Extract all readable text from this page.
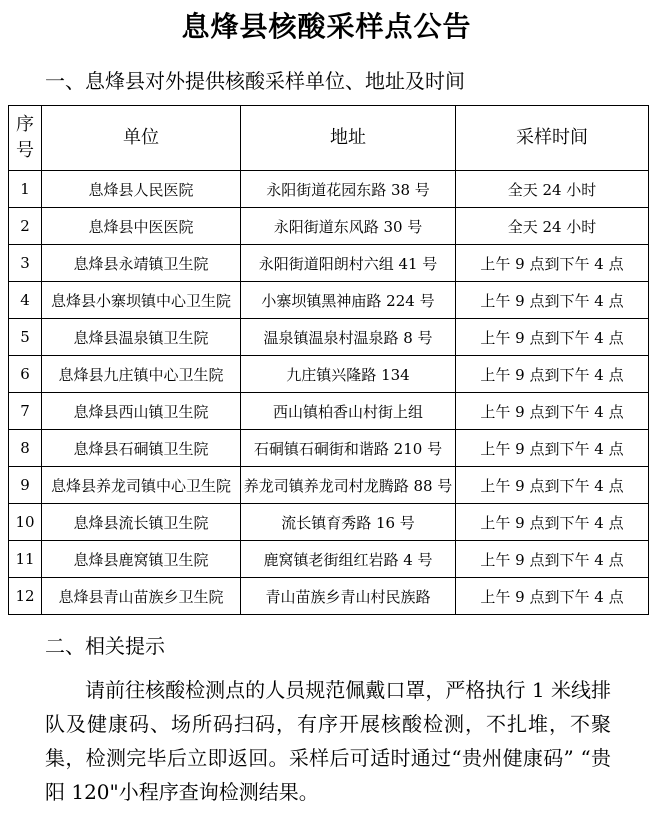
息烽县核酸采样点公告
一、息烽县对外提供核酸采样单位、地址及时间
序号	单位	地址	采样时间
1	息烽县人民医院	永阳街道花园东路 38 号	全天 24 小时
2	息烽县中医医院	永阳街道东风路 30 号	全天 24 小时
3	息烽县永靖镇卫生院	永阳街道阳朗村六组 41 号	上午 9 点到下午 4 点
4	息烽县小寨坝镇中心卫生院	小寨坝镇黑神庙路 224 号	上午 9 点到下午 4 点
5	息烽县温泉镇卫生院	温泉镇温泉村温泉路 8 号	上午 9 点到下午 4 点
6	息烽县九庄镇中心卫生院	九庄镇兴隆路 134	上午 9 点到下午 4 点
7	息烽县西山镇卫生院	西山镇柏香山村街上组	上午 9 点到下午 4 点
8	息烽县石硐镇卫生院	石硐镇石硐街和谐路 210 号	上午 9 点到下午 4 点
9	息烽县养龙司镇中心卫生院	养龙司镇养龙司村龙腾路 88 号	上午 9 点到下午 4 点
10	息烽县流长镇卫生院	流长镇育秀路 16 号	上午 9 点到下午 4 点
11	息烽县鹿窝镇卫生院	鹿窝镇老街组红岩路 4 号	上午 9 点到下午 4 点
12	息烽县青山苗族乡卫生院	青山苗族乡青山村民族路	上午 9 点到下午 4 点
二、相关提示

请前往核酸检测点的人员规范佩戴口罩，严格执行 1 米线排队及健康码、场所码扫码，有序开展核酸检测，不扎堆，不聚集，检测完毕后立即返回。采样后可适时通过“贵州健康码” “贵阳 120"小程序查询检测结果。
